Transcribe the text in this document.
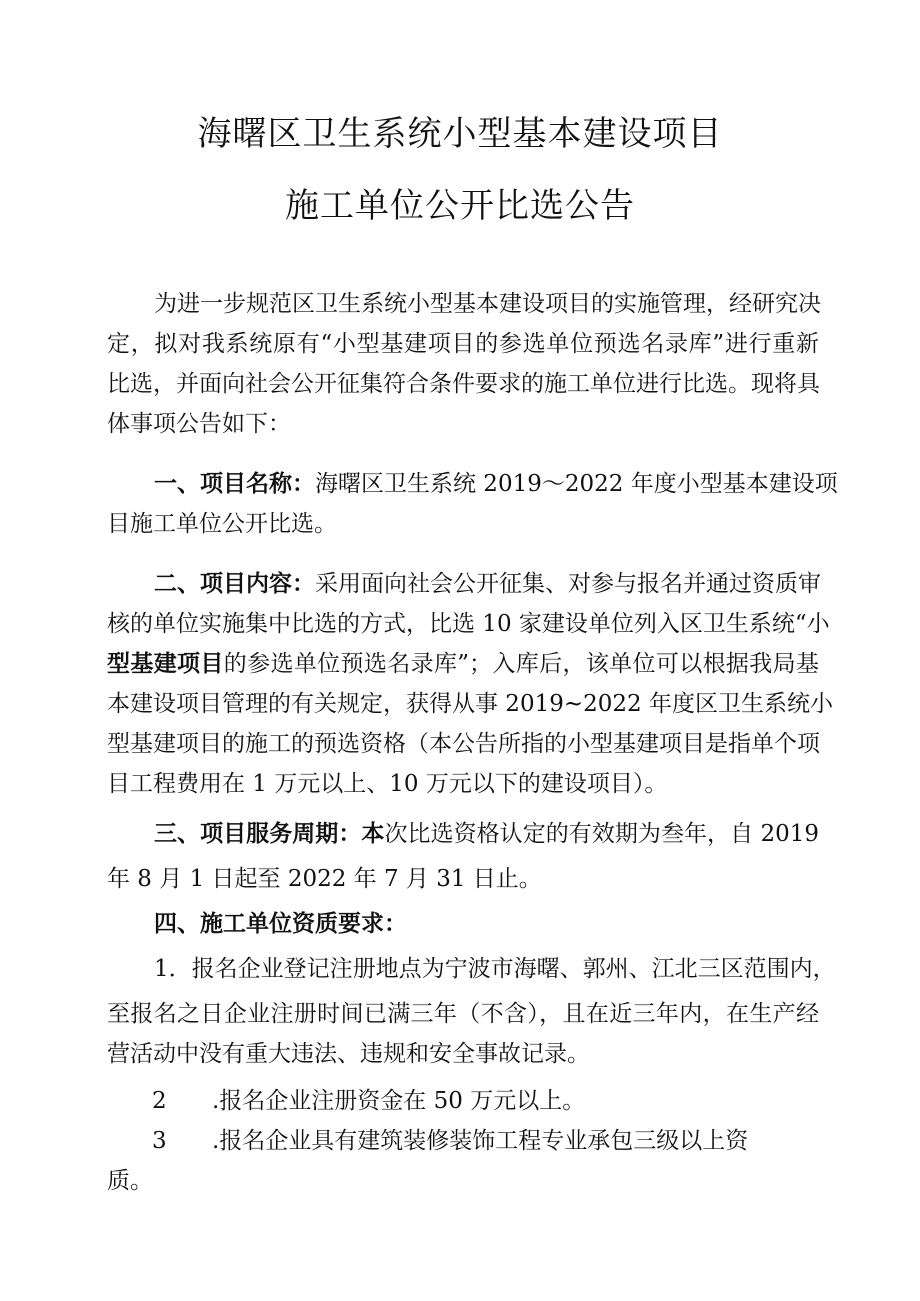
海曙区卫生系统小型基本建设项目
施工单位公开比选公告
为进一步规范区卫生系统小型基本建设项目的实施管理，经研究决
定，拟对我系统原有“小型基建项目的参选单位预选名录库”进行重新
比选，并面向社会公开征集符合条件要求的施工单位进行比选。现将具
体事项公告如下：
一、项目名称：海曙区卫生系统 2019～2022 年度小型基本建设项
目施工单位公开比选。
二、项目内容：采用面向社会公开征集、对参与报名并通过资质审
核的单位实施集中比选的方式，比选 10 家建设单位列入区卫生系统“小
型基建项目的参选单位预选名录库”；入库后，该单位可以根据我局基
本建设项目管理的有关规定，获得从事 2019~2022 年度区卫生系统小
型基建项目的施工的预选资格（本公告所指的小型基建项目是指单个项
目工程费用在 1 万元以上、10 万元以下的建设项目）。
三、项目服务周期：本次比选资格认定的有效期为叁年，自 2019
年 8 月 1 日起至 2022 年 7 月 31 日止。
四、施工单位资质要求：
1．报名企业登记注册地点为宁波市海曙、郭州、江北三区范围内，
至报名之日企业注册时间已满三年（不含），且在近三年内，在生产经
营活动中没有重大违法、违规和安全事故记录。
2 .报名企业注册资金在 50 万元以上。
3 .报名企业具有建筑装修装饰工程专业承包三级以上资
质。
